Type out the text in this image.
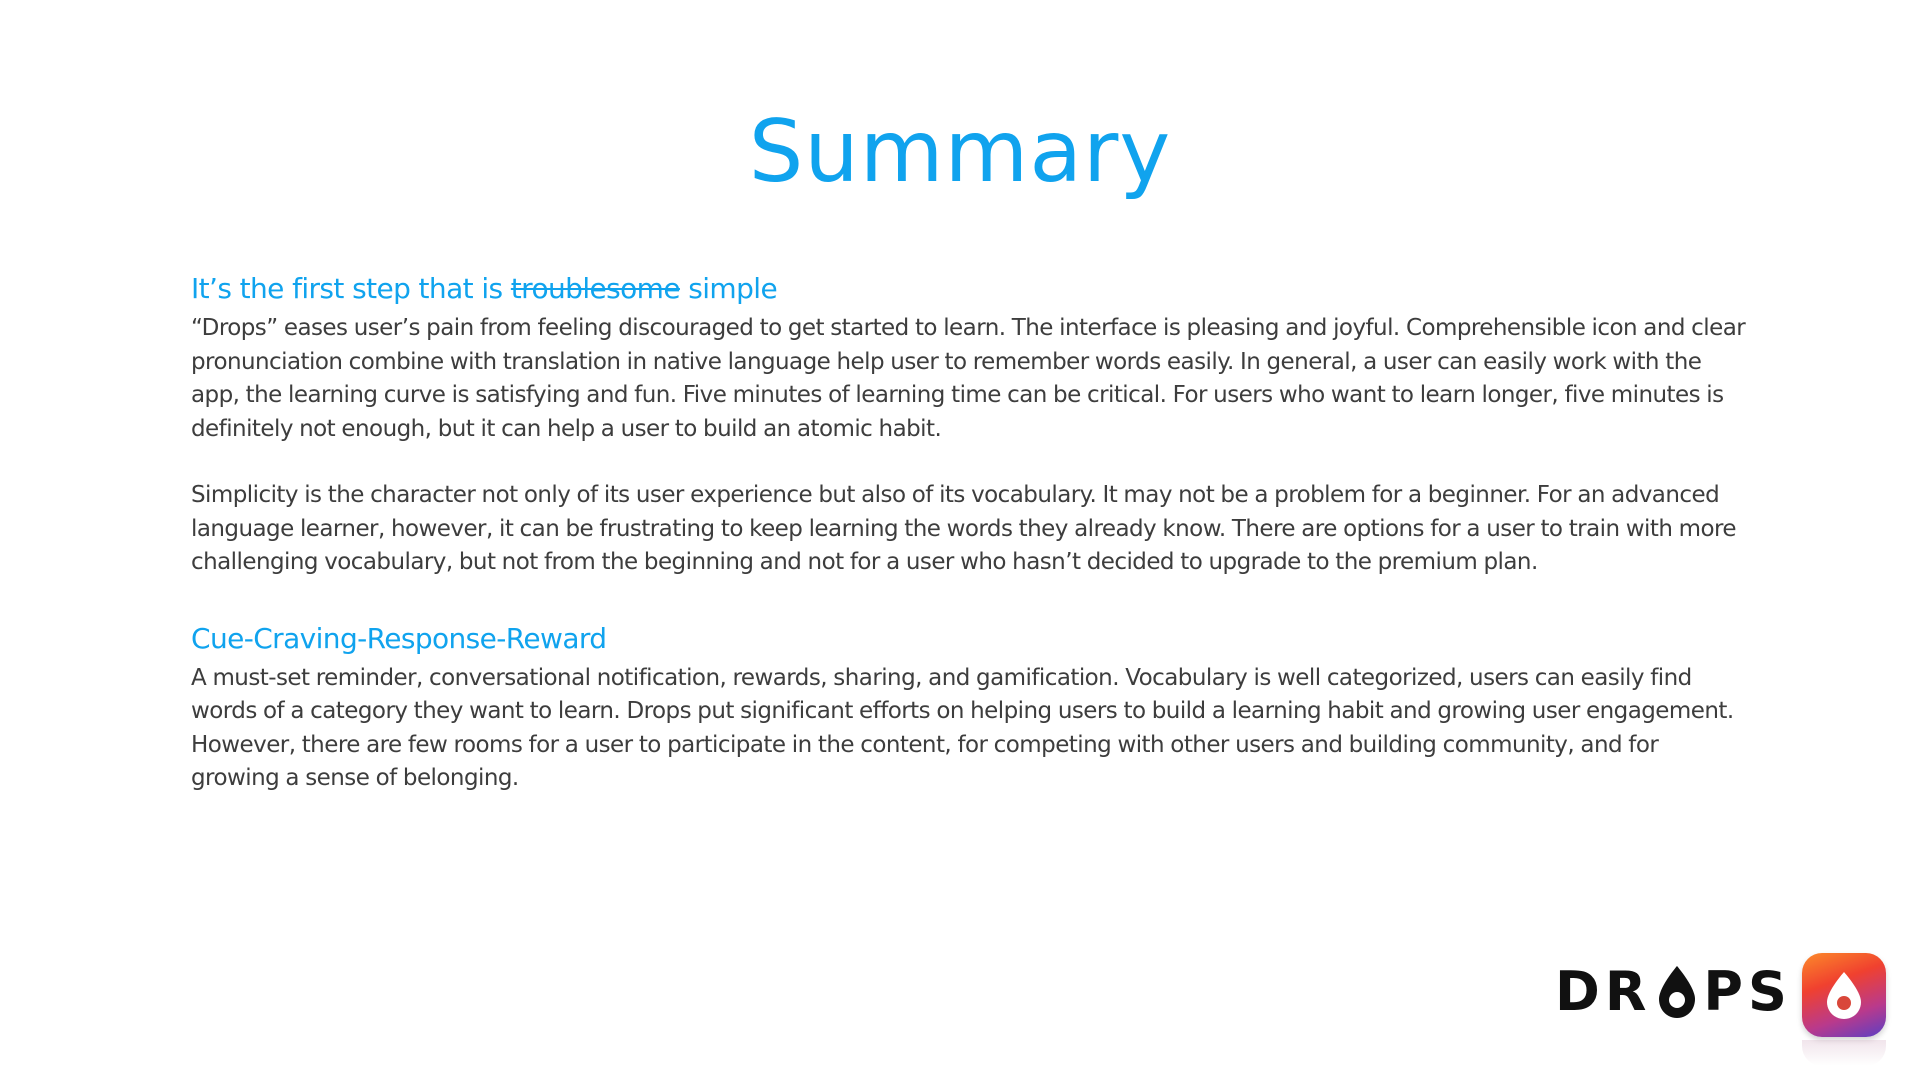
Summary
It’s the first step that is troublesome simple

“Drops” eases user’s pain from feeling discouraged to get started to learn. The interface is pleasing and joyful. Comprehensible icon and clear pronunciation combine with translation in native language help user to remember words easily. In general, a user can easily work with the app, the learning curve is satisfying and fun. Five minutes of learning time can be critical. For users who want to learn longer, five minutes is definitely not enough, but it can help a user to build an atomic habit.

Simplicity is the character not only of its user experience but also of its vocabulary. It may not be a problem for a beginner. For an advanced language learner, however, it can be frustrating to keep learning the words they already know. There are options for a user to train with more challenging vocabulary, but not from the beginning and not for a user who hasn’t decided to upgrade to the premium plan.

Cue-Craving-Response-Reward

A must-set reminder, conversational notification, rewards, sharing, and gamification. Vocabulary is well categorized, users can easily find words of a category they want to learn. Drops put significant efforts on helping users to build a learning habit and growing user engagement. However, there are few rooms for a user to participate in the content, for competing with other users and building community, and for growing a sense of belonging.

DR PS
